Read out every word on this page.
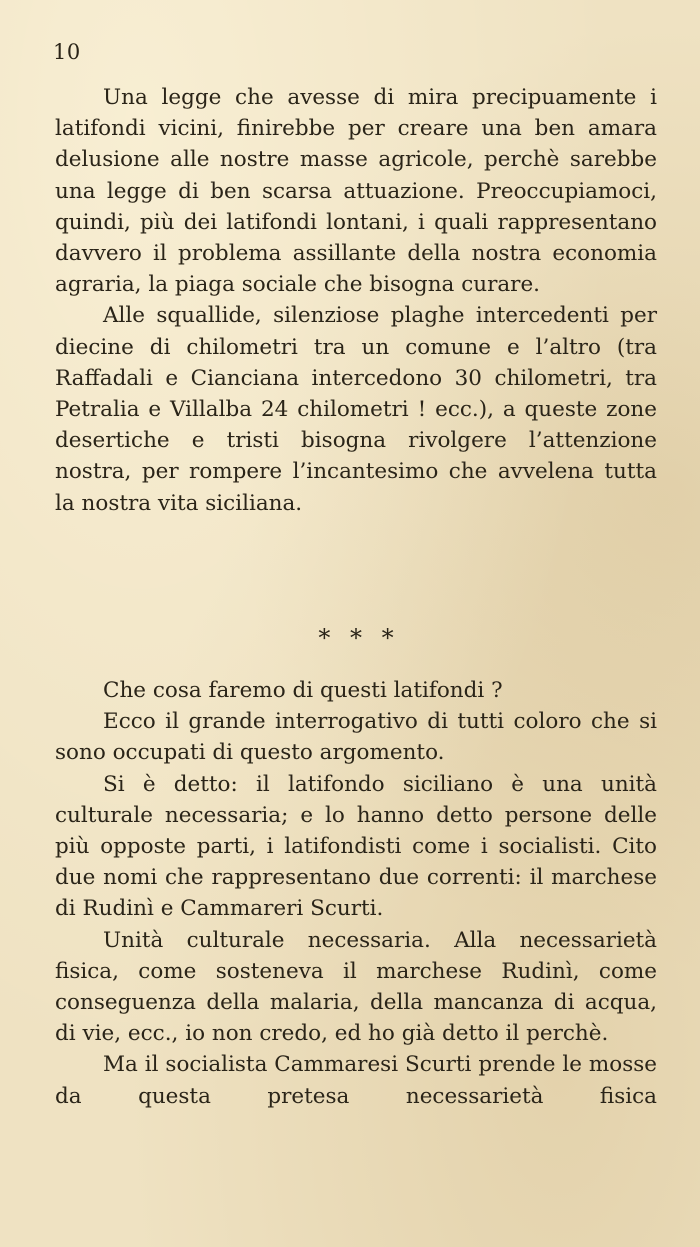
10

Una legge che avesse di mira precipuamente i latifondi vicini, finirebbe per creare una ben amara delusione alle nostre masse agricole, perchè sarebbe una legge di ben scarsa attuazione. Preoccupiamoci, quindi, più dei latifondi lontani, i quali rappresentano davvero il problema assillante della nostra economia agraria, la piaga sociale che bisogna curare.

Alle squallide, silenziose plaghe intercedenti per diecine di chilometri tra un comune e l’altro (tra Raffadali e Cianciana intercedono 30 chilometri, tra Petralia e Villalba 24 chilometri ! ecc.), a queste zone desertiche e tristi bisogna rivolgere l’attenzione nostra, per rompere l’incantesimo che avvelena tutta la nostra vita siciliana.

* * *

Che cosa faremo di questi latifondi ?

Ecco il grande interrogativo di tutti coloro che si sono occupati di questo argomento.

Si è detto: il latifondo siciliano è una unità culturale necessaria; e lo hanno detto persone delle più opposte parti, i latifondisti come i socialisti. Cito due nomi che rappresentano due correnti: il marchese di Rudinì e Cammareri Scurti.

Unità culturale necessaria. Alla necessarietà fisica, come sosteneva il marchese Rudinì, come conseguenza della malaria, della mancanza di acqua, di vie, ecc., io non credo, ed ho già detto il perchè.

Ma il socialista Cammaresi Scurti prende le mosse da questa pretesa necessarietà fisica
